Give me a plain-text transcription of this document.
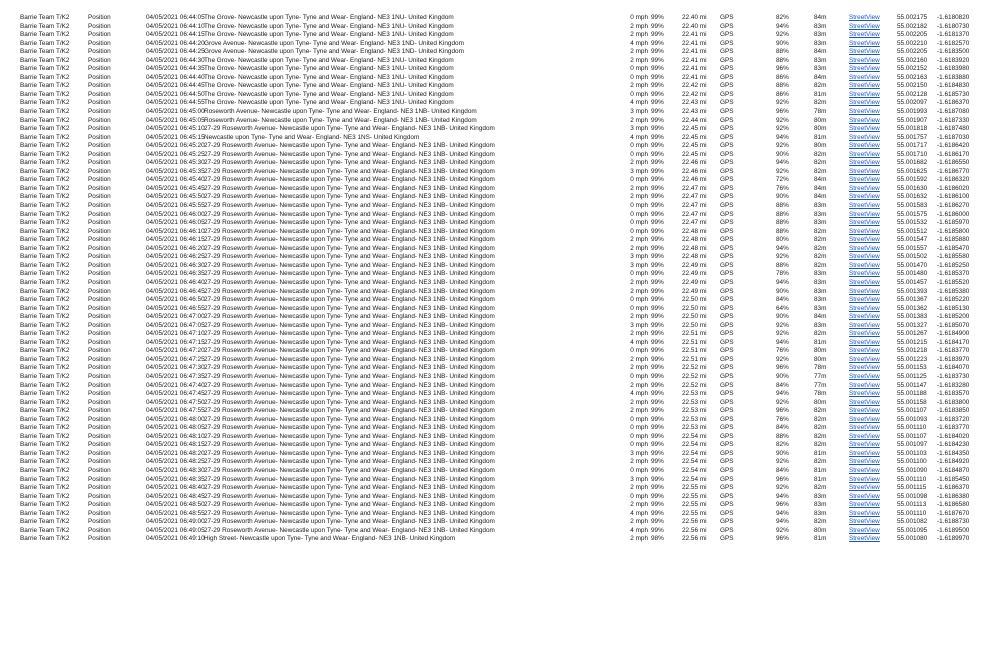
Barrie Team T/K2	Position	04/05/2021 06:44:05 The Grove- Newcastle upon Tyne- Tyne and Wear- England- NE3 1NU- United Kingdom	0 mph 99%	22.40 mi GPS	82%	84m	StreetView	55.002175 -1.6180820
Barrie Team T/K2	Position	04/05/2021 06:44:10 The Grove- Newcastle upon Tyne- Tyne and Wear- England- NE3 1NU- United Kingdom	2 mph 99%	22.40 mi GPS	94%	83m	StreetView	55.002182 -1.6180730
Barrie Team T/K2	Position	04/05/2021 06:44:15 The Grove- Newcastle upon Tyne- Tyne and Wear- England- NE3 1NU- United Kingdom	2 mph 99%	22.41 mi GPS	92%	83m	StreetView	55.002205 -1.6181370
Barrie Team T/K2	Position	04/05/2021 06:44:20 Grove Avenue- Newcastle upon Tyne- Tyne and Wear- England- NE3 1ND- United Kingdom	4 mph 99%	22.41 mi GPS	90%	83m	StreetView	55.002210 -1.6182570
Barrie Team T/K2	Position	04/05/2021 06:44:25 Grove Avenue- Newcastle upon Tyne- Tyne and Wear- England- NE3 1ND- United Kingdom	2 mph 99%	22.41 mi GPS	88%	84m	StreetView	55.002205 -1.6183500
Barrie Team T/K2	Position	04/05/2021 06:44:30 The Grove- Newcastle upon Tyne- Tyne and Wear- England- NE3 1NU- United Kingdom	2 mph 99%	22.41 mi GPS	88%	83m	StreetView	55.002160 -1.6183920
Barrie Team T/K2	Position	04/05/2021 06:44:35 The Grove- Newcastle upon Tyne- Tyne and Wear- England- NE3 1NU- United Kingdom	0 mph 99%	22.41 mi GPS	96%	83m	StreetView	55.002152 -1.6183980
Barrie Team T/K2	Position	04/05/2021 06:44:40 The Grove- Newcastle upon Tyne- Tyne and Wear- England- NE3 1NU- United Kingdom	0 mph 99%	22.41 mi GPS	86%	84m	StreetView	55.002163 -1.6183880
Barrie Team T/K2	Position	04/05/2021 06:44:45 The Grove- Newcastle upon Tyne- Tyne and Wear- England- NE3 1NU- United Kingdom	2 mph 99%	22.42 mi GPS	88%	82m	StreetView	55.002150 -1.6184830
Barrie Team T/K2	Position	04/05/2021 06:44:50 The Grove- Newcastle upon Tyne- Tyne and Wear- England- NE3 1NU- United Kingdom	0 mph 99%	22.42 mi GPS	86%	81m	StreetView	55.002128 -1.6185730
Barrie Team T/K2	Position	04/05/2021 06:44:55 The Grove- Newcastle upon Tyne- Tyne and Wear- England- NE3 1NU- United Kingdom	4 mph 99%	22.43 mi GPS	92%	82m	StreetView	55.002097 -1.6186370
Barrie Team T/K2	Position	04/05/2021 06:45:00 Roseworth Avenue- Newcastle upon Tyne- Tyne and Wear- England- NE3 1NB- United Kingdom	3 mph 99%	22.43 mi GPS	96%	78m	StreetView	55.001993 -1.6187080
Barrie Team T/K2	Position	04/05/2021 06:45:05 Roseworth Avenue- Newcastle upon Tyne- Tyne and Wear- England- NE3 1NB- United Kingdom	2 mph 99%	22.44 mi GPS	92%	80m	StreetView	55.001907 -1.6187330
Barrie Team T/K2	Position	04/05/2021 06:45:10 27-29 Roseworth Avenue- Newcastle upon Tyne- Tyne and Wear- England- NE3 1NB- United Kingdom	3 mph 99%	22.45 mi GPS	92%	80m	StreetView	55.001818 -1.6187480
Barrie Team T/K2	Position	04/05/2021 06:45:15 Newcastle upon Tyne- Tyne and Wear- England- NE3 1NS- United Kingdom	4 mph 99%	22.45 mi GPS	94%	81m	StreetView	55.001757 -1.6187030
Barrie Team T/K2	Position	04/05/2021 06:45:20 27-29 Roseworth Avenue- Newcastle upon Tyne- Tyne and Wear- England- NE3 1NB- United Kingdom	0 mph 99%	22.45 mi GPS	92%	80m	StreetView	55.001717 -1.6186420
Barrie Team T/K2	Position	04/05/2021 06:45:25 27-29 Roseworth Avenue- Newcastle upon Tyne- Tyne and Wear- England- NE3 1NB- United Kingdom	0 mph 99%	22.45 mi GPS	90%	82m	StreetView	55.001710 -1.6186170
Barrie Team T/K2	Position	04/05/2021 06:45:30 27-29 Roseworth Avenue- Newcastle upon Tyne- Tyne and Wear- England- NE3 1NB- United Kingdom	2 mph 99%	22.46 mi GPS	94%	82m	StreetView	55.001682 -1.6186550
Barrie Team T/K2	Position	04/05/2021 06:45:35 27-29 Roseworth Avenue- Newcastle upon Tyne- Tyne and Wear- England- NE3 1NB- United Kingdom	3 mph 99%	22.46 mi GPS	92%	82m	StreetView	55.001625 -1.6186770
Barrie Team T/K2	Position	04/05/2021 06:45:40 27-29 Roseworth Avenue- Newcastle upon Tyne- Tyne and Wear- England- NE3 1NB- United Kingdom	0 mph 99%	22.46 mi GPS	72%	84m	StreetView	55.001592 -1.6186320
Barrie Team T/K2	Position	04/05/2021 06:45:45 27-29 Roseworth Avenue- Newcastle upon Tyne- Tyne and Wear- England- NE3 1NB- United Kingdom	2 mph 99%	22.47 mi GPS	76%	84m	StreetView	55.001630 -1.6186020
Barrie Team T/K2	Position	04/05/2021 06:45:50 27-29 Roseworth Avenue- Newcastle upon Tyne- Tyne and Wear- England- NE3 1NB- United Kingdom	2 mph 99%	22.47 mi GPS	90%	84m	StreetView	55.001632 -1.6186100
Barrie Team T/K2	Position	04/05/2021 06:45:55 27-29 Roseworth Avenue- Newcastle upon Tyne- Tyne and Wear- England- NE3 1NB- United Kingdom	0 mph 99%	22.47 mi GPS	88%	83m	StreetView	55.001583 -1.6186270
Barrie Team T/K2	Position	04/05/2021 06:46:00 27-29 Roseworth Avenue- Newcastle upon Tyne- Tyne and Wear- England- NE3 1NB- United Kingdom	0 mph 99%	22.47 mi GPS	88%	83m	StreetView	55.001575 -1.6186000
Barrie Team T/K2	Position	04/05/2021 06:46:05 27-29 Roseworth Avenue- Newcastle upon Tyne- Tyne and Wear- England- NE3 1NB- United Kingdom	0 mph 99%	22.47 mi GPS	88%	83m	StreetView	55.001532 -1.6185970
Barrie Team T/K2	Position	04/05/2021 06:46:10 27-29 Roseworth Avenue- Newcastle upon Tyne- Tyne and Wear- England- NE3 1NB- United Kingdom	0 mph 99%	22.48 mi GPS	88%	82m	StreetView	55.001512 -1.6185800
Barrie Team T/K2	Position	04/05/2021 06:46:15 27-29 Roseworth Avenue- Newcastle upon Tyne- Tyne and Wear- England- NE3 1NB- United Kingdom	2 mph 99%	22.48 mi GPS	80%	82m	StreetView	55.001547 -1.6185880
Barrie Team T/K2	Position	04/05/2021 06:46:20 27-29 Roseworth Avenue- Newcastle upon Tyne- Tyne and Wear- England- NE3 1NB- United Kingdom	2 mph 99%	22.48 mi GPS	94%	82m	StreetView	55.001557 -1.6185470
Barrie Team T/K2	Position	04/05/2021 06:46:25 27-29 Roseworth Avenue- Newcastle upon Tyne- Tyne and Wear- England- NE3 1NB- United Kingdom	3 mph 99%	22.48 mi GPS	92%	82m	StreetView	55.001502 -1.6185580
Barrie Team T/K2	Position	04/05/2021 06:46:30 27-29 Roseworth Avenue- Newcastle upon Tyne- Tyne and Wear- England- NE3 1NB- United Kingdom	3 mph 99%	22.49 mi GPS	88%	82m	StreetView	55.001470 -1.6185250
Barrie Team T/K2	Position	04/05/2021 06:46:35 27-29 Roseworth Avenue- Newcastle upon Tyne- Tyne and Wear- England- NE3 1NB- United Kingdom	0 mph 99%	22.49 mi GPS	78%	83m	StreetView	55.001480 -1.6185370
Barrie Team T/K2	Position	04/05/2021 06:46:40 27-29 Roseworth Avenue- Newcastle upon Tyne- Tyne and Wear- England- NE3 1NB- United Kingdom	2 mph 99%	22.49 mi GPS	94%	83m	StreetView	55.001457 -1.6185520
Barrie Team T/K2	Position	04/05/2021 06:46:45 27-29 Roseworth Avenue- Newcastle upon Tyne- Tyne and Wear- England- NE3 1NB- United Kingdom	2 mph 99%	22.49 mi GPS	90%	83m	StreetView	55.001393 -1.6185380
Barrie Team T/K2	Position	04/05/2021 06:46:50 27-29 Roseworth Avenue- Newcastle upon Tyne- Tyne and Wear- England- NE3 1NB- United Kingdom	0 mph 99%	22.50 mi GPS	84%	83m	StreetView	55.001367 -1.6185220
Barrie Team T/K2	Position	04/05/2021 06:46:55 27-29 Roseworth Avenue- Newcastle upon Tyne- Tyne and Wear- England- NE3 1NB- United Kingdom	0 mph 99%	22.50 mi GPS	64%	83m	StreetView	55.001362 -1.6185130
Barrie Team T/K2	Position	04/05/2021 06:47:00 27-29 Roseworth Avenue- Newcastle upon Tyne- Tyne and Wear- England- NE3 1NB- United Kingdom	2 mph 99%	22.50 mi GPS	90%	84m	StreetView	55.001383 -1.6185200
Barrie Team T/K2	Position	04/05/2021 06:47:05 27-29 Roseworth Avenue- Newcastle upon Tyne- Tyne and Wear- England- NE3 1NB- United Kingdom	3 mph 99%	22.50 mi GPS	92%	83m	StreetView	55.001327 -1.6185070
Barrie Team T/K2	Position	04/05/2021 06:47:10 27-29 Roseworth Avenue- Newcastle upon Tyne- Tyne and Wear- England- NE3 1NB- United Kingdom	2 mph 99%	22.51 mi GPS	92%	82m	StreetView	55.001267 -1.6184900
Barrie Team T/K2	Position	04/05/2021 06:47:15 27-29 Roseworth Avenue- Newcastle upon Tyne- Tyne and Wear- England- NE3 1NB- United Kingdom	4 mph 99%	22.51 mi GPS	94%	81m	StreetView	55.001215 -1.6184170
Barrie Team T/K2	Position	04/05/2021 06:47:20 27-29 Roseworth Avenue- Newcastle upon Tyne- Tyne and Wear- England- NE3 1NB- United Kingdom	0 mph 99%	22.51 mi GPS	76%	80m	StreetView	55.001218 -1.6183770
Barrie Team T/K2	Position	04/05/2021 06:47:25 27-29 Roseworth Avenue- Newcastle upon Tyne- Tyne and Wear- England- NE3 1NB- United Kingdom	2 mph 99%	22.51 mi GPS	92%	80m	StreetView	55.001223 -1.6183970
Barrie Team T/K2	Position	04/05/2021 06:47:30 27-29 Roseworth Avenue- Newcastle upon Tyne- Tyne and Wear- England- NE3 1NB- United Kingdom	2 mph 99%	22.52 mi GPS	96%	78m	StreetView	55.001153 -1.6184070
Barrie Team T/K2	Position	04/05/2021 06:47:35 27-29 Roseworth Avenue- Newcastle upon Tyne- Tyne and Wear- England- NE3 1NB- United Kingdom	0 mph 99%	22.52 mi GPS	90%	77m	StreetView	55.001125 -1.6183730
Barrie Team T/K2	Position	04/05/2021 06:47:40 27-29 Roseworth Avenue- Newcastle upon Tyne- Tyne and Wear- England- NE3 1NB- United Kingdom	2 mph 99%	22.52 mi GPS	84%	77m	StreetView	55.001147 -1.6183280
Barrie Team T/K2	Position	04/05/2021 06:47:45 27-29 Roseworth Avenue- Newcastle upon Tyne- Tyne and Wear- England- NE3 1NB- United Kingdom	4 mph 99%	22.53 mi GPS	94%	78m	StreetView	55.001188 -1.6183570
Barrie Team T/K2	Position	04/05/2021 06:47:50 27-29 Roseworth Avenue- Newcastle upon Tyne- Tyne and Wear- England- NE3 1NB- United Kingdom	2 mph 99%	22.53 mi GPS	92%	80m	StreetView	55.001158 -1.6183800
Barrie Team T/K2	Position	04/05/2021 06:47:55 27-29 Roseworth Avenue- Newcastle upon Tyne- Tyne and Wear- England- NE3 1NB- United Kingdom	2 mph 99%	22.53 mi GPS	96%	82m	StreetView	55.001107 -1.6183850
Barrie Team T/K2	Position	04/05/2021 06:48:00 27-29 Roseworth Avenue- Newcastle upon Tyne- Tyne and Wear- England- NE3 1NB- United Kingdom	0 mph 99%	22.53 mi GPS	76%	82m	StreetView	55.001093 -1.6183720
Barrie Team T/K2	Position	04/05/2021 06:48:05 27-29 Roseworth Avenue- Newcastle upon Tyne- Tyne and Wear- England- NE3 1NB- United Kingdom	0 mph 99%	22.53 mi GPS	84%	82m	StreetView	55.001110 -1.6183770
Barrie Team T/K2	Position	04/05/2021 06:48:10 27-29 Roseworth Avenue- Newcastle upon Tyne- Tyne and Wear- England- NE3 1NB- United Kingdom	0 mph 99%	22.54 mi GPS	88%	82m	StreetView	55.001107 -1.6184020
Barrie Team T/K2	Position	04/05/2021 06:48:15 27-29 Roseworth Avenue- Newcastle upon Tyne- Tyne and Wear- England- NE3 1NB- United Kingdom	0 mph 99%	22.54 mi GPS	82%	82m	StreetView	55.001097 -1.6184230
Barrie Team T/K2	Position	04/05/2021 06:48:20 27-29 Roseworth Avenue- Newcastle upon Tyne- Tyne and Wear- England- NE3 1NB- United Kingdom	3 mph 99%	22.54 mi GPS	90%	81m	StreetView	55.001103 -1.6184350
Barrie Team T/K2	Position	04/05/2021 06:48:25 27-29 Roseworth Avenue- Newcastle upon Tyne- Tyne and Wear- England- NE3 1NB- United Kingdom	2 mph 99%	22.54 mi GPS	92%	82m	StreetView	55.001100 -1.6184920
Barrie Team T/K2	Position	04/05/2021 06:48:30 27-29 Roseworth Avenue- Newcastle upon Tyne- Tyne and Wear- England- NE3 1NB- United Kingdom	0 mph 99%	22.54 mi GPS	84%	81m	StreetView	55.001090 -1.6184870
Barrie Team T/K2	Position	04/05/2021 06:48:35 27-29 Roseworth Avenue- Newcastle upon Tyne- Tyne and Wear- England- NE3 1NB- United Kingdom	3 mph 99%	22.54 mi GPS	96%	81m	StreetView	55.001110 -1.6185450
Barrie Team T/K2	Position	04/05/2021 06:48:40 27-29 Roseworth Avenue- Newcastle upon Tyne- Tyne and Wear- England- NE3 1NB- United Kingdom	2 mph 99%	22.55 mi GPS	92%	82m	StreetView	55.001115 -1.6186370
Barrie Team T/K2	Position	04/05/2021 06:48:45 27-29 Roseworth Avenue- Newcastle upon Tyne- Tyne and Wear- England- NE3 1NB- United Kingdom	0 mph 99%	22.55 mi GPS	94%	83m	StreetView	55.001098 -1.6186380
Barrie Team T/K2	Position	04/05/2021 06:48:50 27-29 Roseworth Avenue- Newcastle upon Tyne- Tyne and Wear- England- NE3 1NB- United Kingdom	2 mph 99%	22.55 mi GPS	96%	83m	StreetView	55.001113 -1.6186580
Barrie Team T/K2	Position	04/05/2021 06:48:55 27-29 Roseworth Avenue- Newcastle upon Tyne- Tyne and Wear- England- NE3 1NB- United Kingdom	4 mph 99%	22.55 mi GPS	94%	83m	StreetView	55.001110 -1.6187670
Barrie Team T/K2	Position	04/05/2021 06:49:00 27-29 Roseworth Avenue- Newcastle upon Tyne- Tyne and Wear- England- NE3 1NB- United Kingdom	2 mph 99%	22.56 mi GPS	94%	82m	StreetView	55.001082 -1.6188730
Barrie Team T/K2	Position	04/05/2021 06:49:05 27-29 Roseworth Avenue- Newcastle upon Tyne- Tyne and Wear- England- NE3 1NB- United Kingdom	4 mph 99%	22.56 mi GPS	92%	80m	StreetView	55.001095 -1.6189500
Barrie Team T/K2	Position	04/05/2021 06:49:10 High Street- Newcastle upon Tyne- Tyne and Wear- England- NE3 1NB- United Kingdom	2 mph 98%	22.56 mi GPS	96%	81m	StreetView	55.001080 -1.6189970
